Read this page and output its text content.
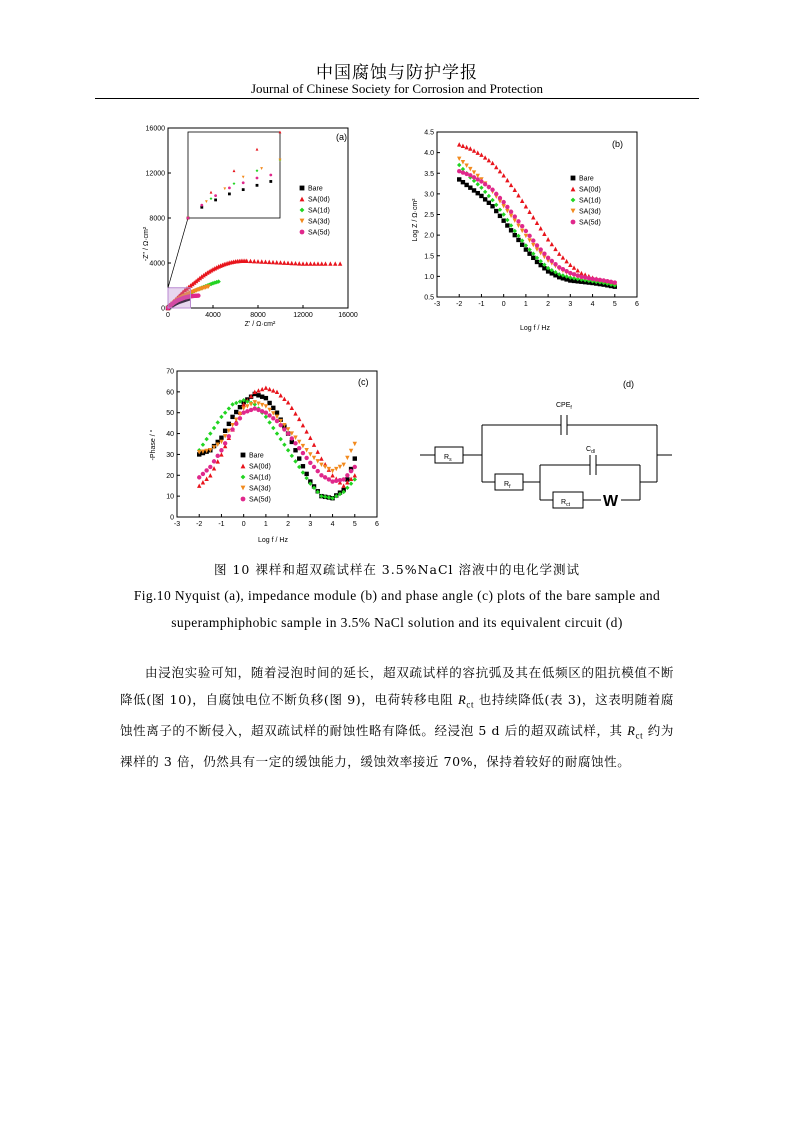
中国腐蚀与防护学报
Journal of Chinese Society for Corrosion and Protection
0	4000	8000	12000	16000
0
4000
8000
12000
16000
(a)
Z' / Ω·cm²
-Z'' / Ω·cm²
Bare
SA(0d)
SA(1d)
SA(3d)
SA(5d)
-3 -2 -1 0	1	2	3	4	5	6
0.5
1.0
1.5
2.0
2.5
3.0
3.5
4.0
4.5
(b)
Log f / Hz
Log Z / Ω·cm²
Bare
SA(0d)
SA(1d)
SA(3d)
SA(5d)
-3 -2 -1 0	1	2	3	4	5	6
0
10
20
30
40
50
60
70
(c)
Log f / Hz
-Phase / °	Bare
SA(0d)
SA(1d)
SA(3d)
SA(5d)
(d)
$R_s$
$R_f$
$R_{ct}$
$CPE_f$
$C_{dl}$
W
图 10 裸样和超双疏试样在 3.5%NaCl 溶液中的电化学测试
Fig.10 Nyquist (a), impedance module (b) and phase angle (c) plots of the bare sample and superamphiphobic sample in 3.5% NaCl solution and its equivalent circuit (d)

由浸泡实验可知，随着浸泡时间的延长，超双疏试样的容抗弧及其在低频区的阻抗模值不断降低(图 10)，自腐蚀电位不断负移(图 9)，电荷转移电阻 $R_{ct}$ 也持续降低(表 3)，这表明随着腐蚀性离子的不断侵入，超双疏试样的耐蚀性略有降低。经浸泡 5 d 后的超双疏试样，其 $R_{ct}$ 约为裸样的 3 倍，仍然具有一定的缓蚀能力，缓蚀效率接近 70%，保持着较好的耐腐蚀性。
